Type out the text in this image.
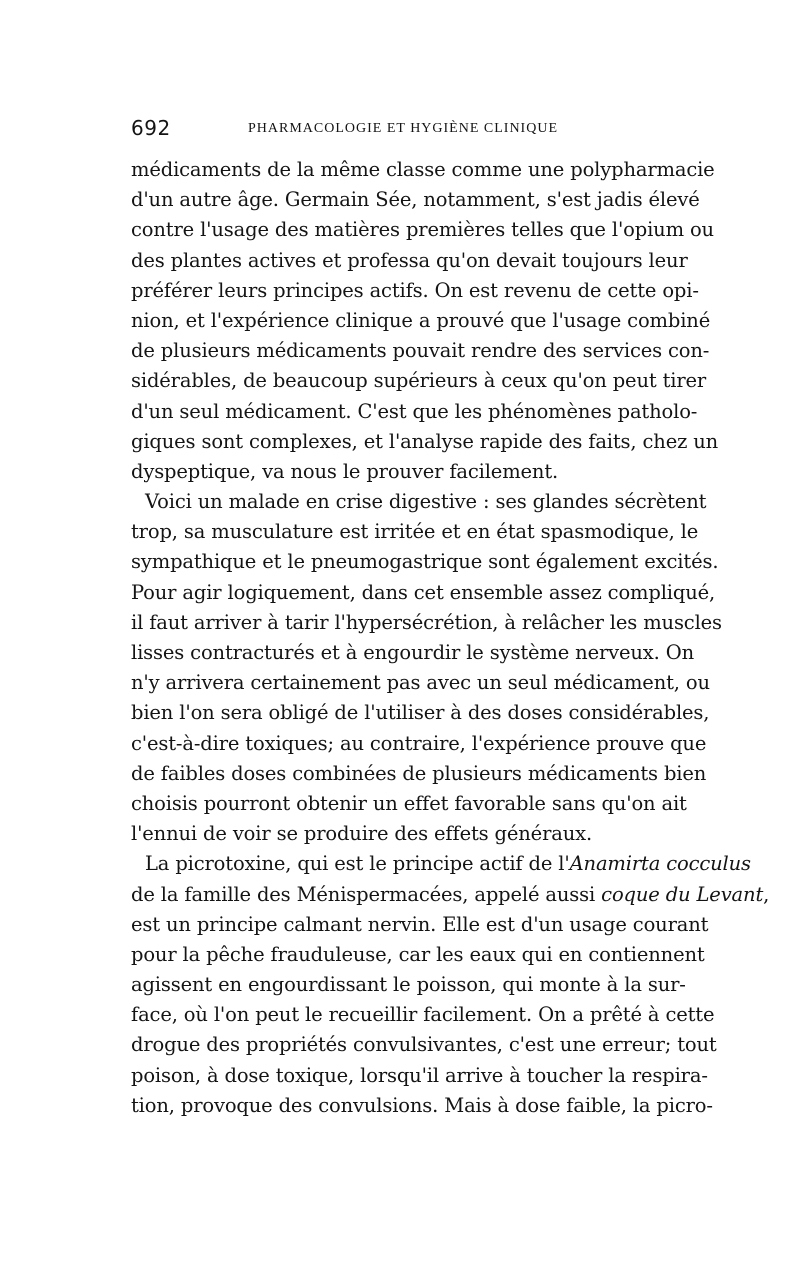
692	PHARMACOLOGIE ET HYGIÈNE CLINIQUE
médicaments de la même classe comme une polypharmacie
d'un autre âge. Germain Sée, notamment, s'est jadis élevé
contre l'usage des matières premières telles que l'opium ou
des plantes actives et professa qu'on devait toujours leur
préférer leurs principes actifs. On est revenu de cette opi-
nion, et l'expérience clinique a prouvé que l'usage combiné
de plusieurs médicaments pouvait rendre des services con-
sidérables, de beaucoup supérieurs à ceux qu'on peut tirer
d'un seul médicament. C'est que les phénomènes patholo-
giques sont complexes, et l'analyse rapide des faits, chez un
dyspeptique, va nous le prouver facilement.
Voici un malade en crise digestive : ses glandes sécrètent
trop, sa musculature est irritée et en état spasmodique, le
sympathique et le pneumogastrique sont également excités.
Pour agir logiquement, dans cet ensemble assez compliqué,
il faut arriver à tarir l'hypersécrétion, à relâcher les muscles
lisses contracturés et à engourdir le système nerveux. On
n'y arrivera certainement pas avec un seul médicament, ou
bien l'on sera obligé de l'utiliser à des doses considérables,
c'est-à-dire toxiques; au contraire, l'expérience prouve que
de faibles doses combinées de plusieurs médicaments bien
choisis pourront obtenir un effet favorable sans qu'on ait
l'ennui de voir se produire des effets généraux.
La picrotoxine, qui est le principe actif de l'Anamirta cocculus
de la famille des Ménispermacées, appelé aussi coque du Levant,
est un principe calmant nervin. Elle est d'un usage courant
pour la pêche frauduleuse, car les eaux qui en contiennent
agissent en engourdissant le poisson, qui monte à la sur-
face, où l'on peut le recueillir facilement. On a prêté à cette
drogue des propriétés convulsivantes, c'est une erreur; tout
poison, à dose toxique, lorsqu'il arrive à toucher la respira-
tion, provoque des convulsions. Mais à dose faible, la picro-
